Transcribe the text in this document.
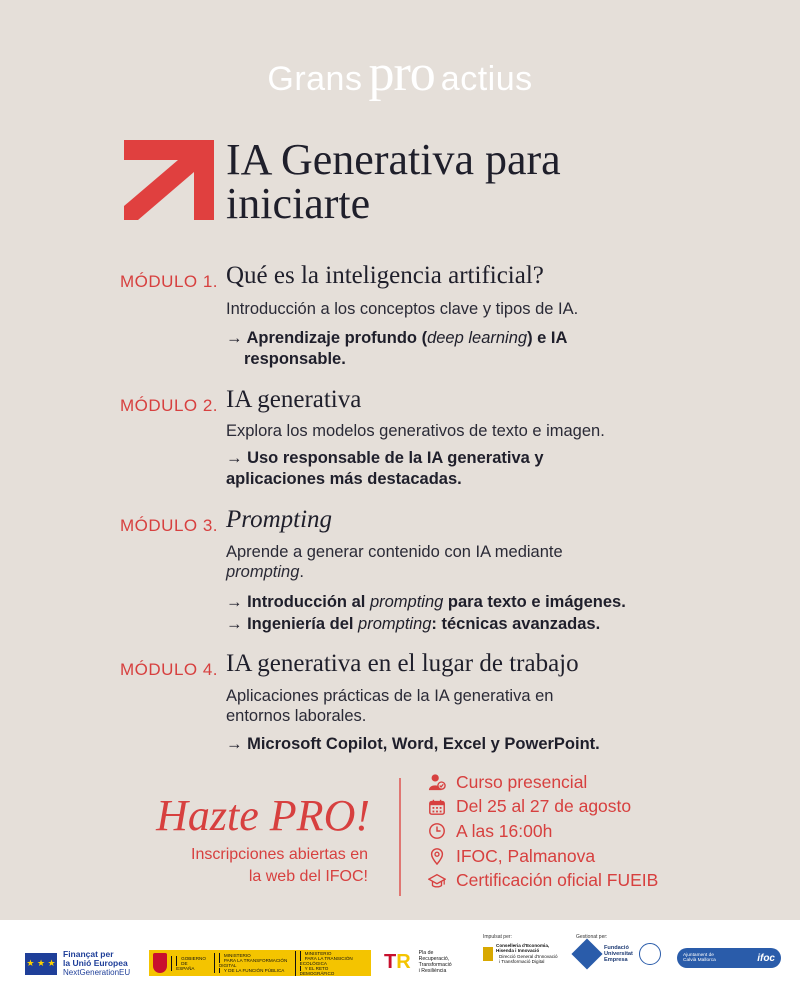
Grans pro actius
IA Generativa para
iniciarte
MÓDULO 1. Qué es la inteligencia artificial?
Introducción a los conceptos clave y tipos de IA.
→ Aprendizaje profundo (deep learning) e IA
responsable.
MÓDULO 2. IA generativa
Explora los modelos generativos de texto e imagen.
→ Uso responsable de la IA generativa y
aplicaciones más destacadas.
MÓDULO 3. Prompting
Aprende a generar contenido con IA mediante
prompting.
→ Introducción al prompting para texto e imágenes.
→ Ingeniería del prompting: técnicas avanzadas.
MÓDULO 4. IA generativa en el lugar de trabajo
Aplicaciones prácticas de la IA generativa en
entornos laborales.
→ Microsoft Copilot, Word, Excel y PowerPoint.
Hazte PRO!
Inscripciones abiertas en
la web del IFOC!
Curso presencial
Del 25 al 27 de agosto
A las 16:00h
IFOC, Palmanova
Certificación oficial FUEIB
★ ★ ★
Finançat per
la Unió Europea
NextGenerationEU
GOBIERNO
DE ESPAÑA
MINISTERIO
PARA LA TRANSFORMACIÓN DIGITAL
Y DE LA FUNCIÓN PÚBLICA
MINISTERIO
PARA LA TRANSICIÓN ECOLÓGICA
Y EL RETO DEMOGRÁFICO
TR	Pla de
Recuperació,
Transformació
i Resiliència
Impulsat per:
Conselleria d'Economia,
Hisenda i Innovació
Direcció General d'Innovació
i Transformació Digital
Gestionat per:
Fundació
Universitat
Empresa
Ajuntament de
Calvià Mallorca	ifoc
